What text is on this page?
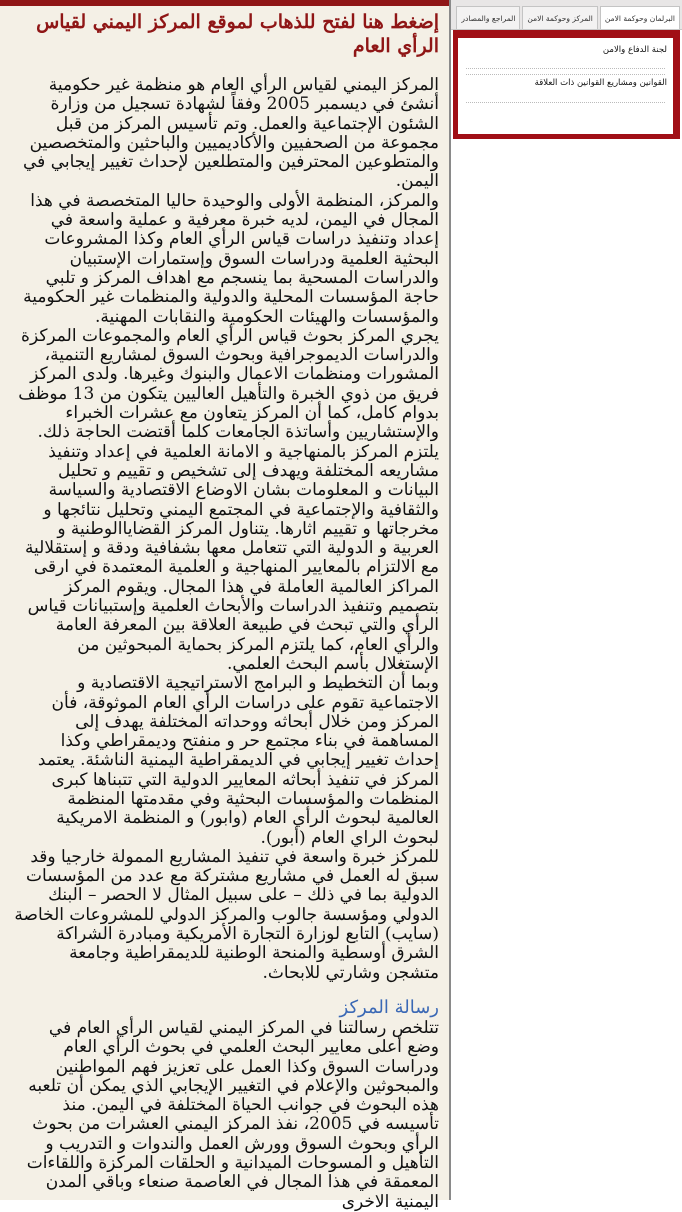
إضغط هنا لفتح للذهاب لموقع المركز اليمني لقياس الرأي العام

المركز اليمني لقياس الرأي العام هو منظمة غير حكومية أنشئ في ديسمبر 2005 وفقاً لشهادة تسجيل من وزارة الشئون الإجتماعية والعمل. وتم تأسيس المركز من قبل مجموعة من الصحفيين والأكاديميين والباحثين والمتخصصين والمتطوعين المحترفين والمتطلعين لإحداث تغيير إيجابي في اليمن.

والمركز، المنظمة الأولى والوحيدة حاليا المتخصصة في هذا المجال في اليمن، لديه خبرة معرفية و عملية واسعة في إعداد وتنفيذ دراسات قياس الرأي العام وكذا المشروعات البحثية العلمية ودراسات السوق وإستمارات الإستبيان والدراسات المسحية بما ينسجم مع اهداف المركز و تلبي حاجة المؤسسات المحلية والدولية والمنظمات غير الحكومية والمؤسسات والهيئات الحكومية والنقابات المهنية.

يجري المركز بحوث قياس الرأي العام والمجموعات المركزة والدراسات الديموجرافية وبحوث السوق لمشاريع التنمية، المشورات ومنظمات الاعمال والبنوك وغيرها. ولدى المركز فريق من ذوي الخبرة والتأهيل العاليين يتكون من 13 موظف بدوام كامل، كما أن المركز يتعاون مع عشرات الخبراء والإستشاريين وأساتذة الجامعات كلما أقتضت الحاجة ذلك.

يلتزم المركز بالمنهاجية و الامانة العلمية في إعداد وتنفيذ مشاريعه المختلفة ويهدف إلى تشخيص و تقييم و تحليل البيانات و المعلومات بشان الاوضاع الاقتصادية والسياسة والثقافية والإجتماعية في المجتمع اليمني وتحليل نتائجها و مخرجاتها و تقييم اثارها. يتناول المركز القضاياالوطنية و العربية و الدولية التي تتعامل معها بشفافية ودقة و إستقلالية مع الالتزام بالمعايير المنهاجية و العلمية المعتمدة في ارقى المراكز العالمية العاملة في هذا المجال. ويقوم المركز بتصميم وتنفيذ الدراسات والأبحاث العلمية وإستبيانات قياس الرأي والتي تبحث في طبيعة العلاقة بين المعرفة العامة والرأي العام، كما يلتزم المركز بحماية المبحوثين من الإستغلال بأسم البحث العلمي.

وبما أن التخطيط و البرامج الاستراتيجية الاقتصادية و الاجتماعية تقوم على دراسات الرأي العام الموثوقة، فأن المركز ومن خلال أبحاثه ووحداته المختلفة يهدف إلى المساهمة في بناء مجتمع حر و منفتح وديمقراطي وكذا إحداث تغيير إيجابي في الديمقراطية اليمنية الناشئة. يعتمد المركز في تنفيذ أبحاثه المعايير الدولية التي تتبناها كبرى المنظمات والمؤسسات البحثية وفي مقدمتها المنظمة العالمية لبحوث الرأي العام (وابور) و المنظمة الامريكية لبحوث الراي العام (أبور).

للمركز خبرة واسعة في تنفيذ المشاريع الممولة خارجيا وقد سبق له العمل في مشاريع مشتركة مع عدد من المؤسسات الدولية بما في ذلك – على سبيل المثال لا الحصر – البنك الدولي ومؤسسة جالوب والمركز الدولي للمشروعات الخاصة (سايب) التابع لوزارة التجارة الأمريكية ومبادرة الشراكة الشرق أوسطية والمنحة الوطنية للديمقراطية وجامعة متشجن وشارتي للابحاث.

رسالة المركز

تتلخص رسالتنا في المركز اليمني لقياس الرأي العام في وضع أعلى معايير البحث العلمي في بحوث الرأي العام ودراسات السوق وكذا العمل على تعزيز فهم المواطنين والمبحوثين والإعلام في التغيير الإيجابي الذي يمكن أن تلعبه هذه البحوث في جوانب الحياة المختلفة في اليمن. منذ تأسيسه في 2005، نفذ المركز اليمني العشرات من بحوث الرأي وبحوث السوق وورش العمل والندوات و التدريب و التأهيل و المسوحات الميدانية و الحلقات المركزة واللقاءات المعمقة في هذا المجال في العاصمة صنعاء وباقي المدن اليمنية الاخرى

البرلمان وحوكمة الامن
المركز وحوكمة الامن
المراجع والمصادر
لجنة الدفاع والامن
القوانين ومشاريع القوانين ذات العلاقة
